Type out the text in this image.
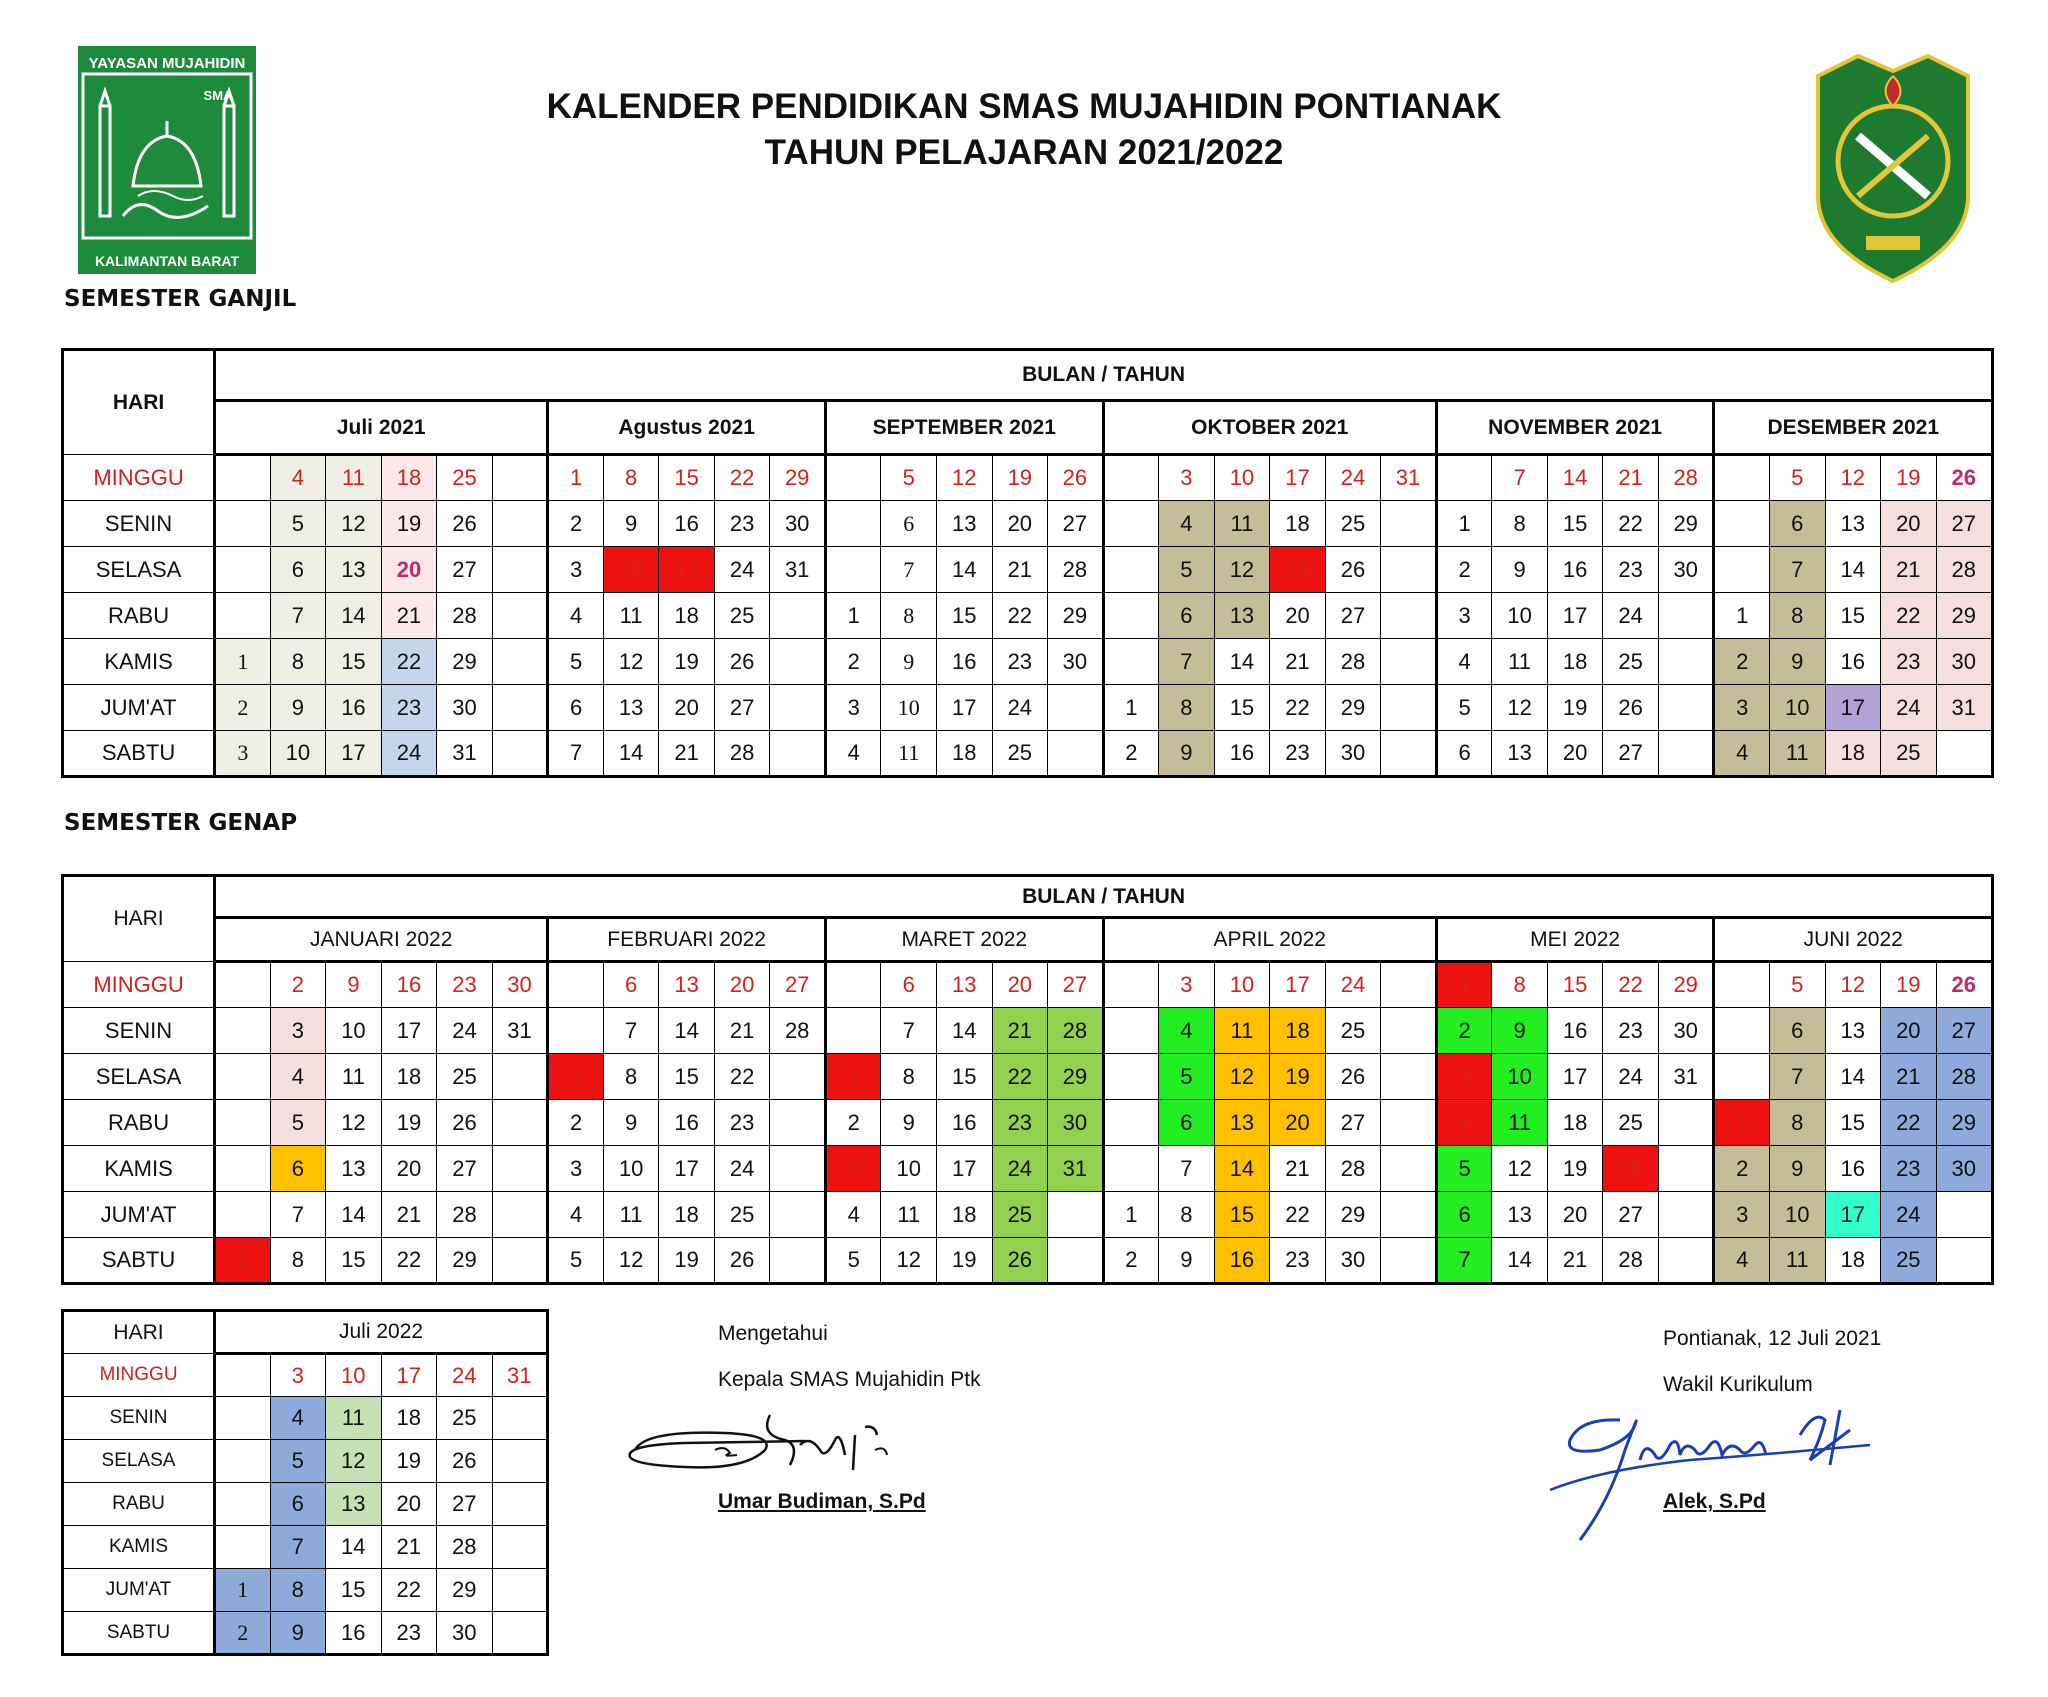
YAYASAN MUJAHIDIN
SMA
KALIMANTAN BARAT
KALENDER PENDIDIKAN SMAS MUJAHIDIN PONTIANAK
TAHUN PELAJARAN 2021/2022
SEMESTER GANJIL
SEMESTER GENAP
HARI	BULAN / TAHUN																															
	Juli 2021						Agustus 2021					SEPTEMBER 2021					OKTOBER 2021						NOVEMBER 2021					DESEMBER 2021				
MINGGU		4	11	18	25		1	8	15	22	29		5	12	19	26		3	10	17	24	31		7	14	21	28		5	12	19	26
SENIN		5	12	19	26		2	9	16	23	30		6	13	20	27		4	11	18	25		1	8	15	22	29		6	13	20	27
SELASA		6	13	20	27		3	10	17	24	31		7	14	21	28		5	12	19	26		2	9	16	23	30		7	14	21	28
RABU		7	14	21	28		4	11	18	25		1	8	15	22	29		6	13	20	27		3	10	17	24		1	8	15	22	29
KAMIS	1	8	15	22	29		5	12	19	26		2	9	16	23	30		7	14	21	28		4	11	18	25		2	9	16	23	30
JUM'AT	2	9	16	23	30		6	13	20	27		3	10	17	24		1	8	15	22	29		5	12	19	26		3	10	17	24	31
SABTU	3	10	17	24	31		7	14	21	28		4	11	18	25		2	9	16	23	30		6	13	20	27		4	11	18	25	
HARI	BULAN / TAHUN																															
	JANUARI 2022						FEBRUARI 2022					MARET 2022					APRIL 2022						MEI 2022					JUNI 2022				
MINGGU		2	9	16	23	30		6	13	20	27		6	13	20	27		3	10	17	24		1	8	15	22	29		5	12	19	26
SENIN		3	10	17	24	31		7	14	21	28		7	14	21	28		4	11	18	25		2	9	16	23	30		6	13	20	27
SELASA		4	11	18	25		1	8	15	22		1	8	15	22	29		5	12	19	26		3	10	17	24	31		7	14	21	28
RABU		5	12	19	26		2	9	16	23		2	9	16	23	30		6	13	20	27		4	11	18	25		1	8	15	22	29
KAMIS		6	13	20	27		3	10	17	24		3	10	17	24	31		7	14	21	28		5	12	19	26		2	9	16	23	30
JUM'AT		7	14	21	28		4	11	18	25		4	11	18	25		1	8	15	22	29		6	13	20	27		3	10	17	24	
SABTU	1	8	15	22	29		5	12	19	26		5	12	19	26		2	9	16	23	30		7	14	21	28		4	11	18	25	
HARI	Juli 2022					
MINGGU		3	10	17	24	31
SENIN		4	11	18	25	
SELASA		5	12	19	26	
RABU		6	13	20	27	
KAMIS		7	14	21	28	
JUM'AT	1	8	15	22	29	
SABTU	2	9	16	23	30	
Mengetahui
Kepala SMAS Mujahidin Ptk
Umar Budiman, S.Pd
Pontianak, 12 Juli 2021
Wakil Kurikulum
Alek, S.Pd
